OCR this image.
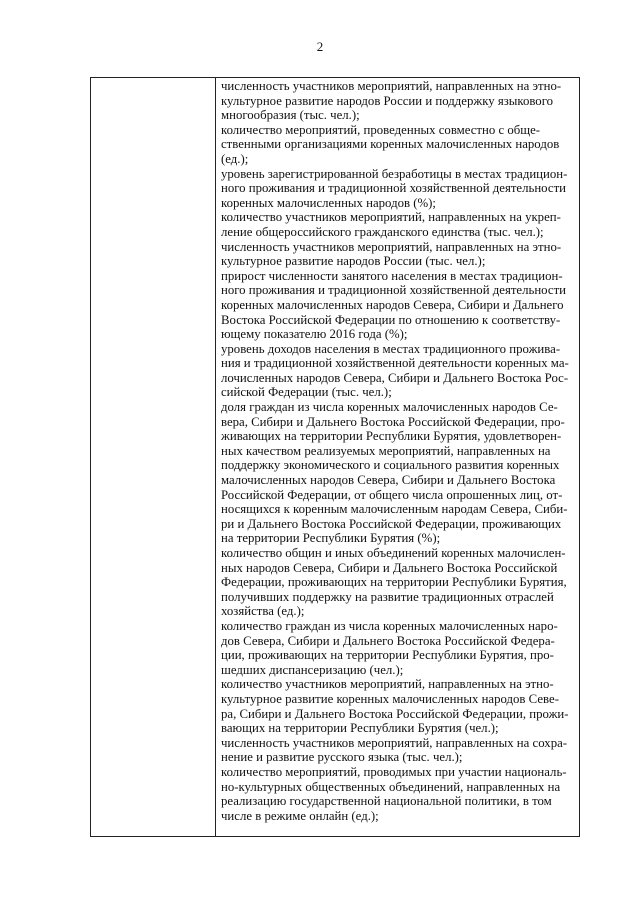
2

численность участников мероприятий, направленных на этно-
культурное развитие народов России и поддержку языкового
многообразия (тыс. чел.);

количество мероприятий, проведенных совместно с обще-
ственными организациями коренных малочисленных народов
(ед.);

уровень зарегистрированной безработицы в местах традицион-
ного проживания и традиционной хозяйственной деятельности
коренных малочисленных народов (%);

количество участников мероприятий, направленных на укреп-
ление общероссийского гражданского единства (тыс. чел.);

численность участников мероприятий, направленных на этно-
культурное развитие народов России (тыс. чел.);

прирост численности занятого населения в местах традицион-
ного проживания и традиционной хозяйственной деятельности
коренных малочисленных народов Севера, Сибири и Дальнего
Востока Российской Федерации по отношению к соответству-
ющему показателю 2016 года (%);

уровень доходов населения в местах традиционного прожива-
ния и традиционной хозяйственной деятельности коренных ма-
лочисленных народов Севера, Сибири и Дальнего Востока Рос-
сийской Федерации (тыс. чел.);

доля граждан из числа коренных малочисленных народов Се-
вера, Сибири и Дальнего Востока Российской Федерации, про-
живающих на территории Республики Бурятия, удовлетворен-
ных качеством реализуемых мероприятий, направленных на
поддержку экономического и социального развития коренных
малочисленных народов Севера, Сибири и Дальнего Востока
Российской Федерации, от общего числа опрошенных лиц, от-
носящихся к коренным малочисленным народам Севера, Сиби-
ри и Дальнего Востока Российской Федерации, проживающих
на территории Республики Бурятия (%);

количество общин и иных объединений коренных малочислен-
ных народов Севера, Сибири и Дальнего Востока Российской
Федерации, проживающих на территории Республики Бурятия,
получивших поддержку на развитие традиционных отраслей
хозяйства (ед.);

количество граждан из числа коренных малочисленных наро-
дов Севера, Сибири и Дальнего Востока Российской Федера-
ции, проживающих на территории Республики Бурятия, про-
шедших диспансеризацию (чел.);

количество участников мероприятий, направленных на этно-
культурное развитие коренных малочисленных народов Севе-
ра, Сибири и Дальнего Востока Российской Федерации, прожи-
вающих на территории Республики Бурятия (чел.);

численность участников мероприятий, направленных на сохра-
нение и развитие русского языка (тыс. чел.);

количество мероприятий, проводимых при участии националь-
но-культурных общественных объединений, направленных на
реализацию государственной национальной политики, в том
числе в режиме онлайн (ед.);
